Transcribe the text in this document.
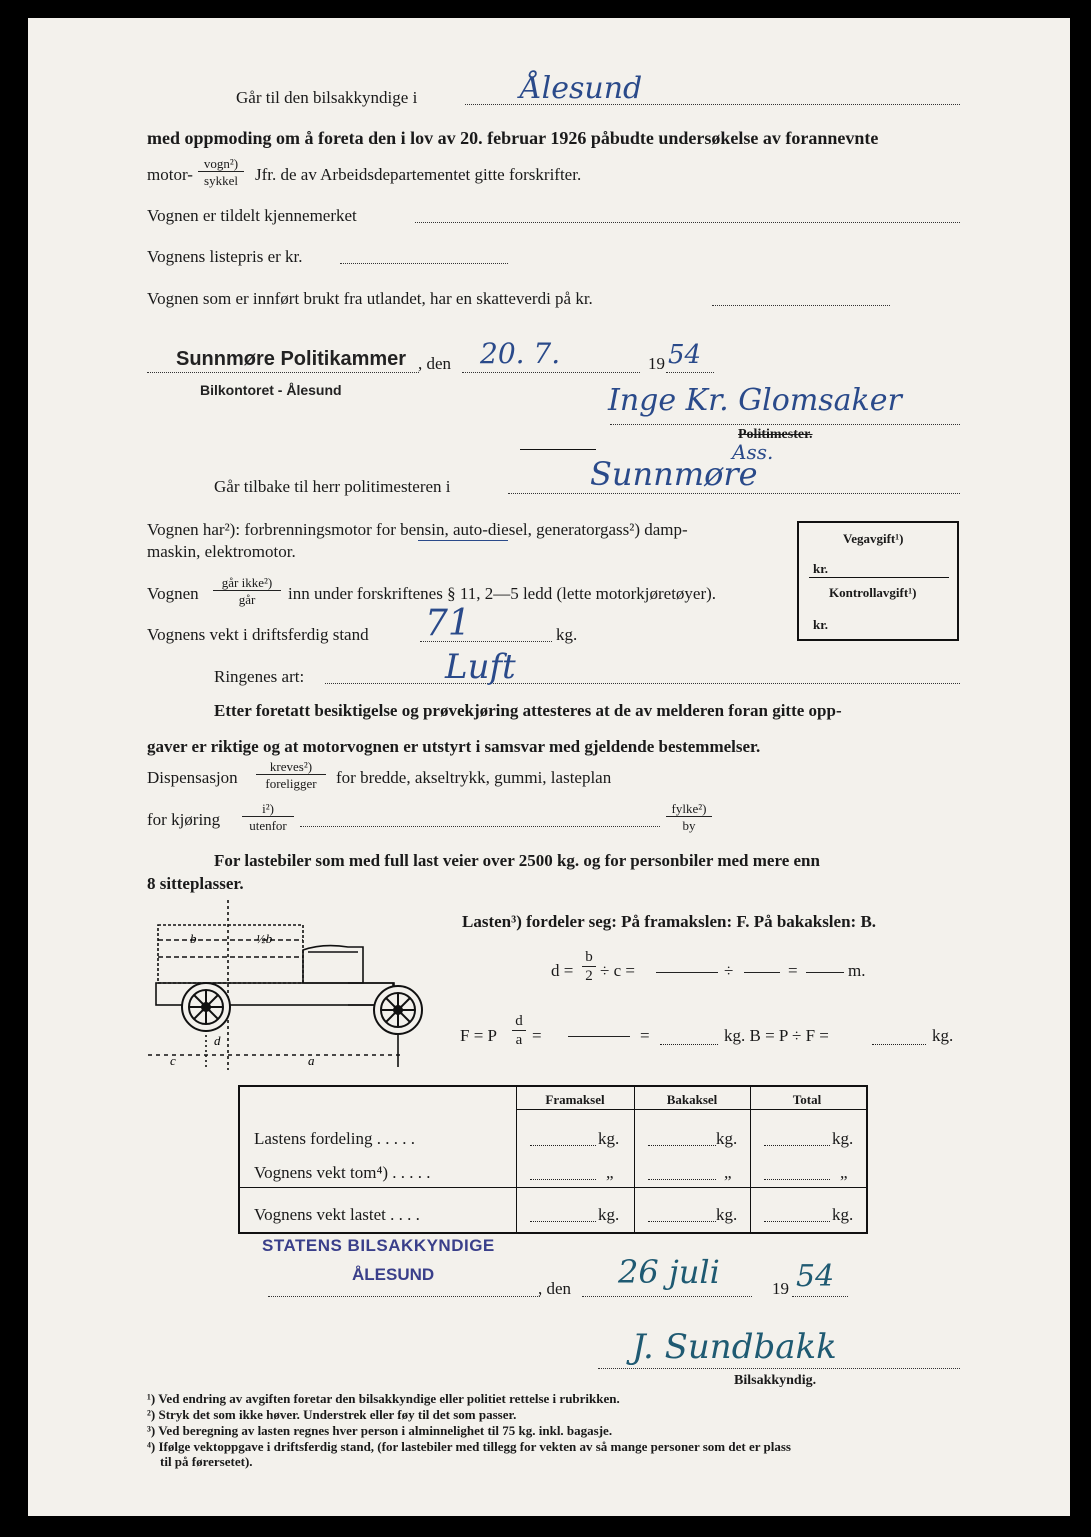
Går til den bilsakkyndige i	Ålesund
med oppmoding om å foreta den i lov av 20. februar 1926 påbudte undersøkelse av forannevnte
motor-
vogn²)
sykkel	Jfr. de av Arbeidsdepartementet gitte forskrifter.
Vognen er tildelt kjennemerket
Vognens listepris er kr.
Vognen som er innført brukt fra utlandet, har en skatteverdi på kr.
Sunnmøre Politikammer
Bilkontoret - Ålesund
, den 20. 7.	19 54
Inge Kr. Glomsaker
Politimester.
Ass.
Går tilbake til herr politimesteren i	Sunnmøre
Vognen har²): forbrenningsmotor for bensin, auto-diesel, generatorgass²) damp-
maskin, elektromotor.
Vognen
går ikke²)
går	inn under forskriftenes § 11, 2—5 ledd (lette motorkjøretøyer).
Vognens vekt i driftsferdig stand 71	kg.
Ringenes art:	Luft
Vegavgift¹)
kr.
Kontrollavgift¹)
kr.
Etter foretatt besiktigelse og prøvekjøring attesteres at de av melderen foran gitte opp-
gaver er riktige og at motorvognen er utstyrt i samsvar med gjeldende bestemmelser.
Dispensasjon
kreves²)
foreligger	for bredde, akseltrykk, gummi, lasteplan
for kjøring
i²)
utenfor
fylke²)
by
For lastebiler som med full last veier over 2500 kg. og for personbiler med mere enn
8 sitteplasser.
Lasten³) fordeler seg: På framakslen: F. På bakakslen: B.
$d = \frac{b}{2} \div c$ =	÷	=	m.
F = P $\frac{d}{a}$ =	=	kg. B = P ÷ F =	kg.
b	½b
c
d
a
Framaksel	Bakaksel	Total
Lastens fordeling . . . . .	kg.	kg.	kg.
Vognens vekt tom⁴) . . . . .	„	„	„
Vognens vekt lastet . . . .	kg.	kg.	kg.
STATENS BILSAKKYNDIGE
ÅLESUND
, den 26 juli	19 54
J. Sundbakk
Bilsakkyndig.
¹) Ved endring av avgiften foretar den bilsakkyndige eller politiet rettelse i rubrikken.
²) Stryk det som ikke høver. Understrek eller føy til det som passer.
³) Ved beregning av lasten regnes hver person i alminnelighet til 75 kg. inkl. bagasje.
⁴) Ifølge vektoppgave i driftsferdig stand, (for lastebiler med tillegg for vekten av så mange personer som det er plass
til på førersetet).
